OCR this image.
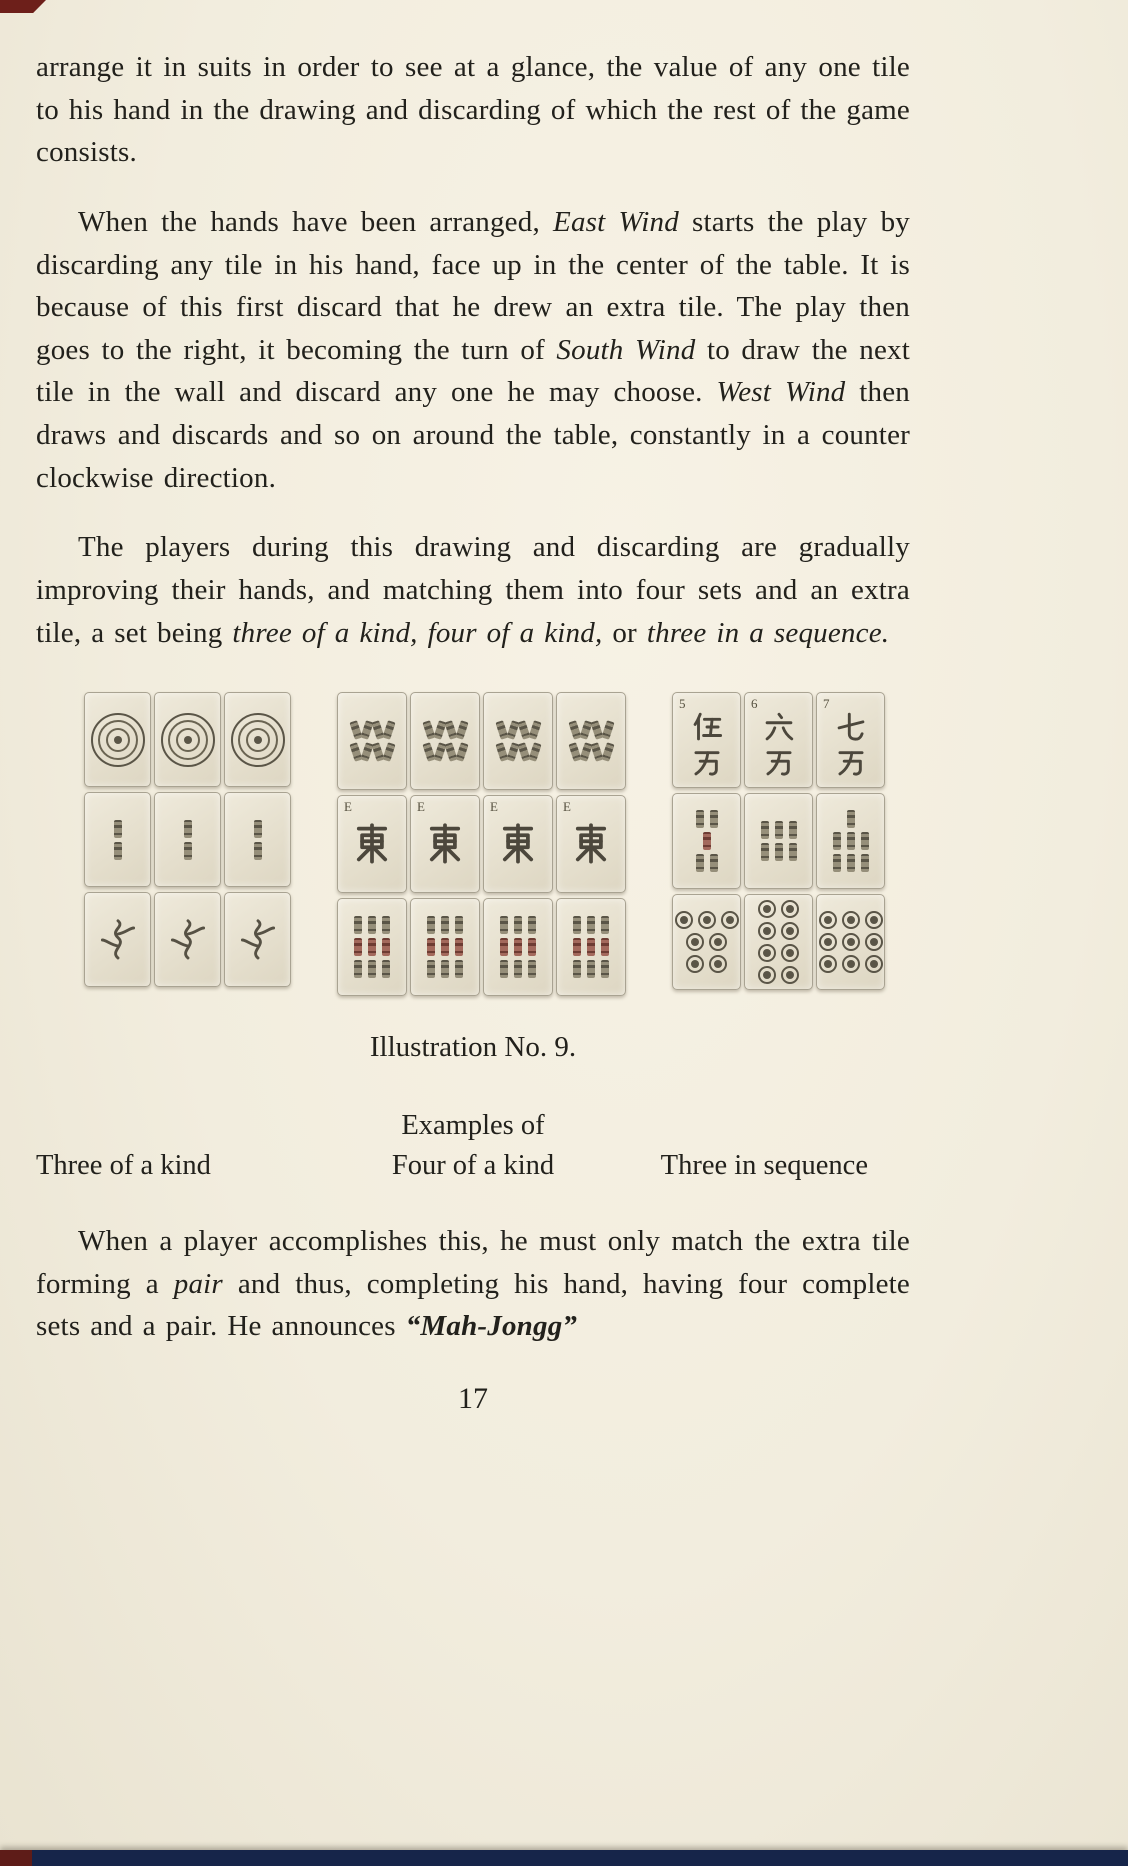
arrange it in suits in order to see at a glance, the value of any one tile to his hand in the drawing and discarding of which the rest of the game consists.

When the hands have been arranged, East Wind starts the play by discarding any tile in his hand, face up in the center of the table. It is because of this first discard that he drew an extra tile. The play then goes to the right, it becoming the turn of South Wind to draw the next tile in the wall and discard any one he may choose. West Wind then draws and discards and so on around the table, constantly in a counter clockwise direction.

The players during this drawing and discarding are gradually improving their hands, and matching them into four sets and an extra tile, a set being three of a kind, four of a kind, or three in a sequence.

E	E	E	E
5	6	7
Illustration No. 9.
Examples of
Three of a kind	Four of a kind	Three in sequence

When a player accomplishes this, he must only match the extra tile forming a pair and thus, completing his hand, having four complete sets and a pair. He announces “Mah-Jongg”

17
